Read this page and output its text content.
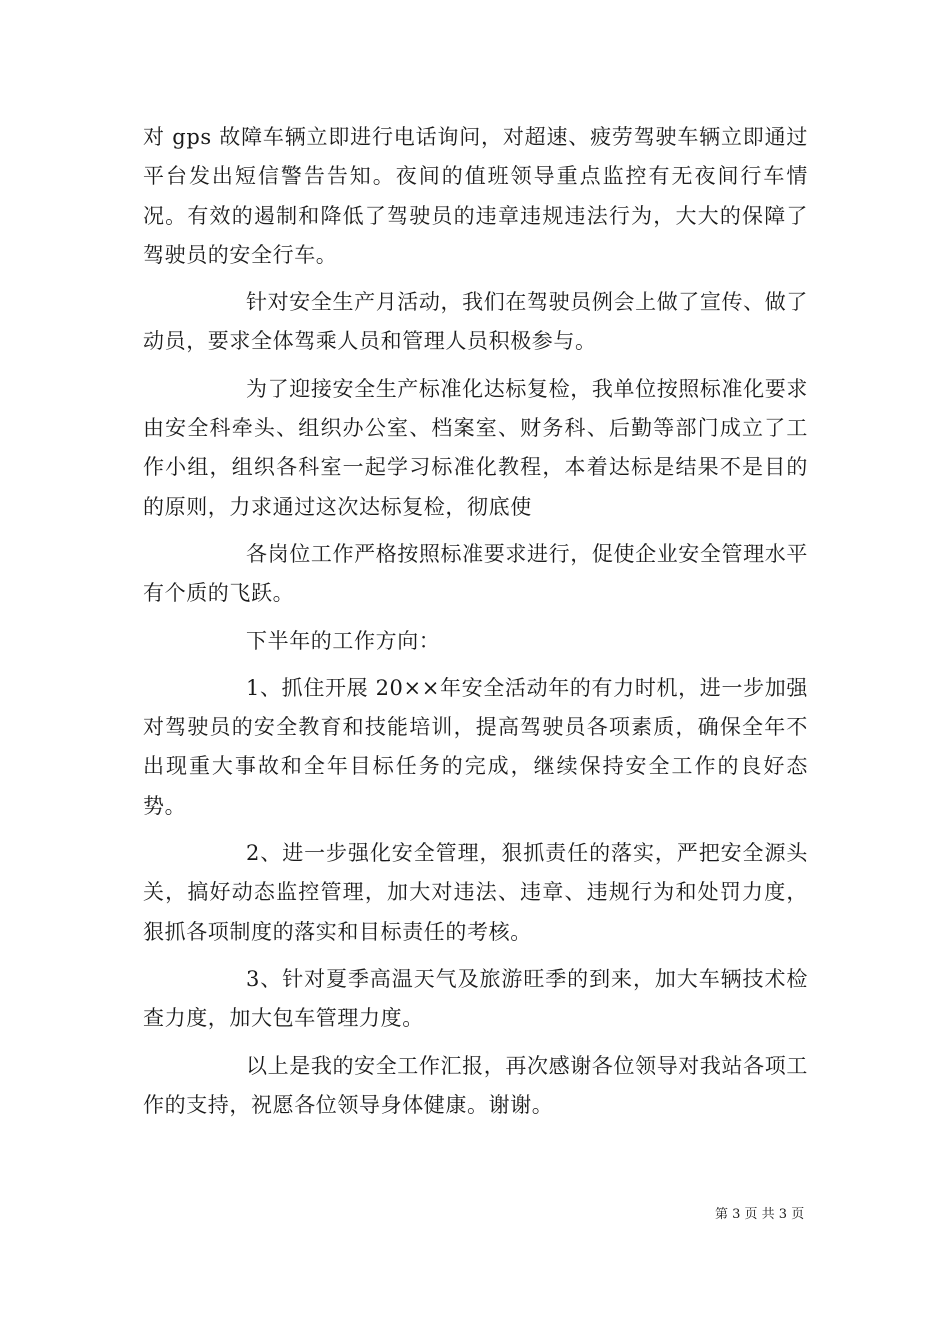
对 gps 故障车辆立即进行电话询问，对超速、疲劳驾驶车辆立即通过平台发出短信警告告知。夜间的值班领导重点监控有无夜间行车情况。有效的遏制和降低了驾驶员的违章违规违法行为，大大的保障了驾驶员的安全行车。

针对安全生产月活动，我们在驾驶员例会上做了宣传、做了动员，要求全体驾乘人员和管理人员积极参与。

为了迎接安全生产标准化达标复检，我单位按照标准化要求由安全科牵头、组织办公室、档案室、财务科、后勤等部门成立了工作小组，组织各科室一起学习标准化教程，本着达标是结果不是目的的原则，力求通过这次达标复检，彻底使

各岗位工作严格按照标准要求进行，促使企业安全管理水平有个质的飞跃。

下半年的工作方向：

1、抓住开展 20××年安全活动年的有力时机，进一步加强对驾驶员的安全教育和技能培训，提高驾驶员各项素质，确保全年不出现重大事故和全年目标任务的完成，继续保持安全工作的良好态势。

2、进一步强化安全管理，狠抓责任的落实，严把安全源头关，搞好动态监控管理，加大对违法、违章、违规行为和处罚力度，狠抓各项制度的落实和目标责任的考核。

3、针对夏季高温天气及旅游旺季的到来，加大车辆技术检查力度，加大包车管理力度。

以上是我的安全工作汇报，再次感谢各位领导对我站各项工作的支持，祝愿各位领导身体健康。谢谢。

第 3 页 共 3 页
